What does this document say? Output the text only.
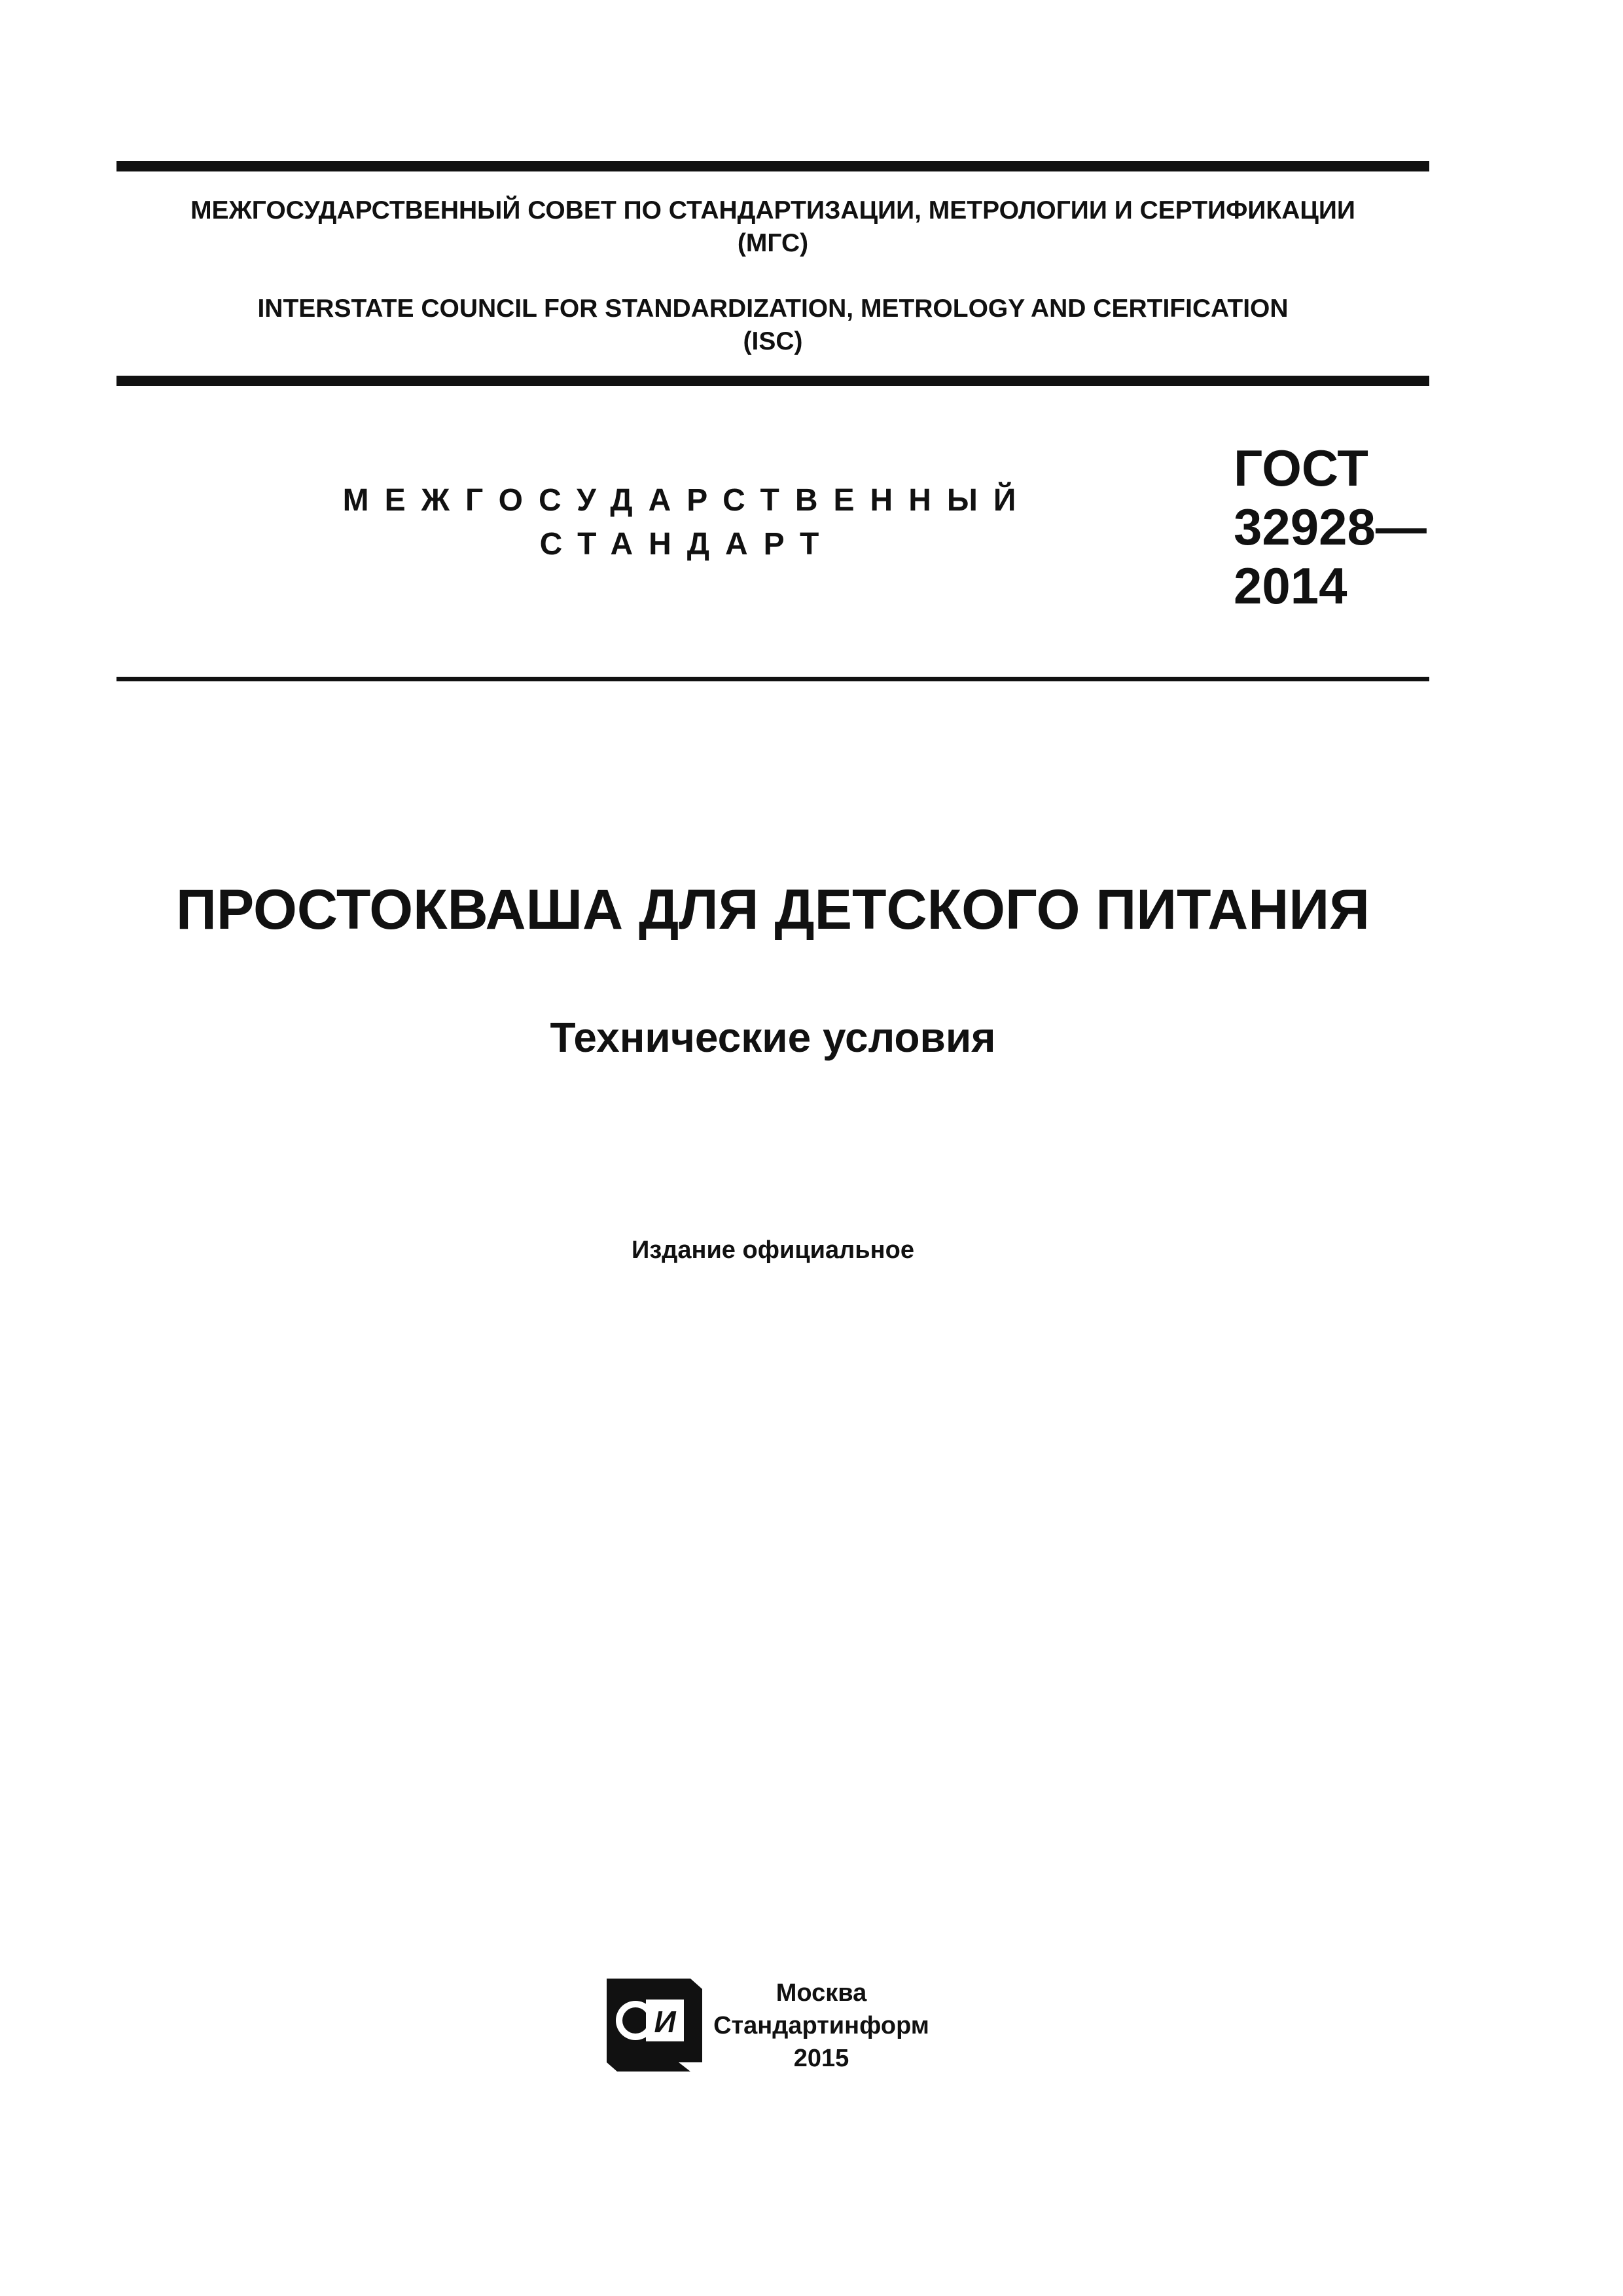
МЕЖГОСУДАРСТВЕННЫЙ СОВЕТ ПО СТАНДАРТИЗАЦИИ, МЕТРОЛОГИИ И СЕРТИФИКАЦИИ
(МГС)
INTERSTATE COUNCIL FOR STANDARDIZATION, METROLOGY AND CERTIFICATION
(ISC)
МЕЖГОСУДАРСТВЕННЫЙ
СТАНДАРТ
ГОСТ
32928—
2014
ПРОСТОКВАША ДЛЯ ДЕТСКОГО ПИТАНИЯ
Технические условия
Издание официальное
И
Москва
Стандартинформ
2015
